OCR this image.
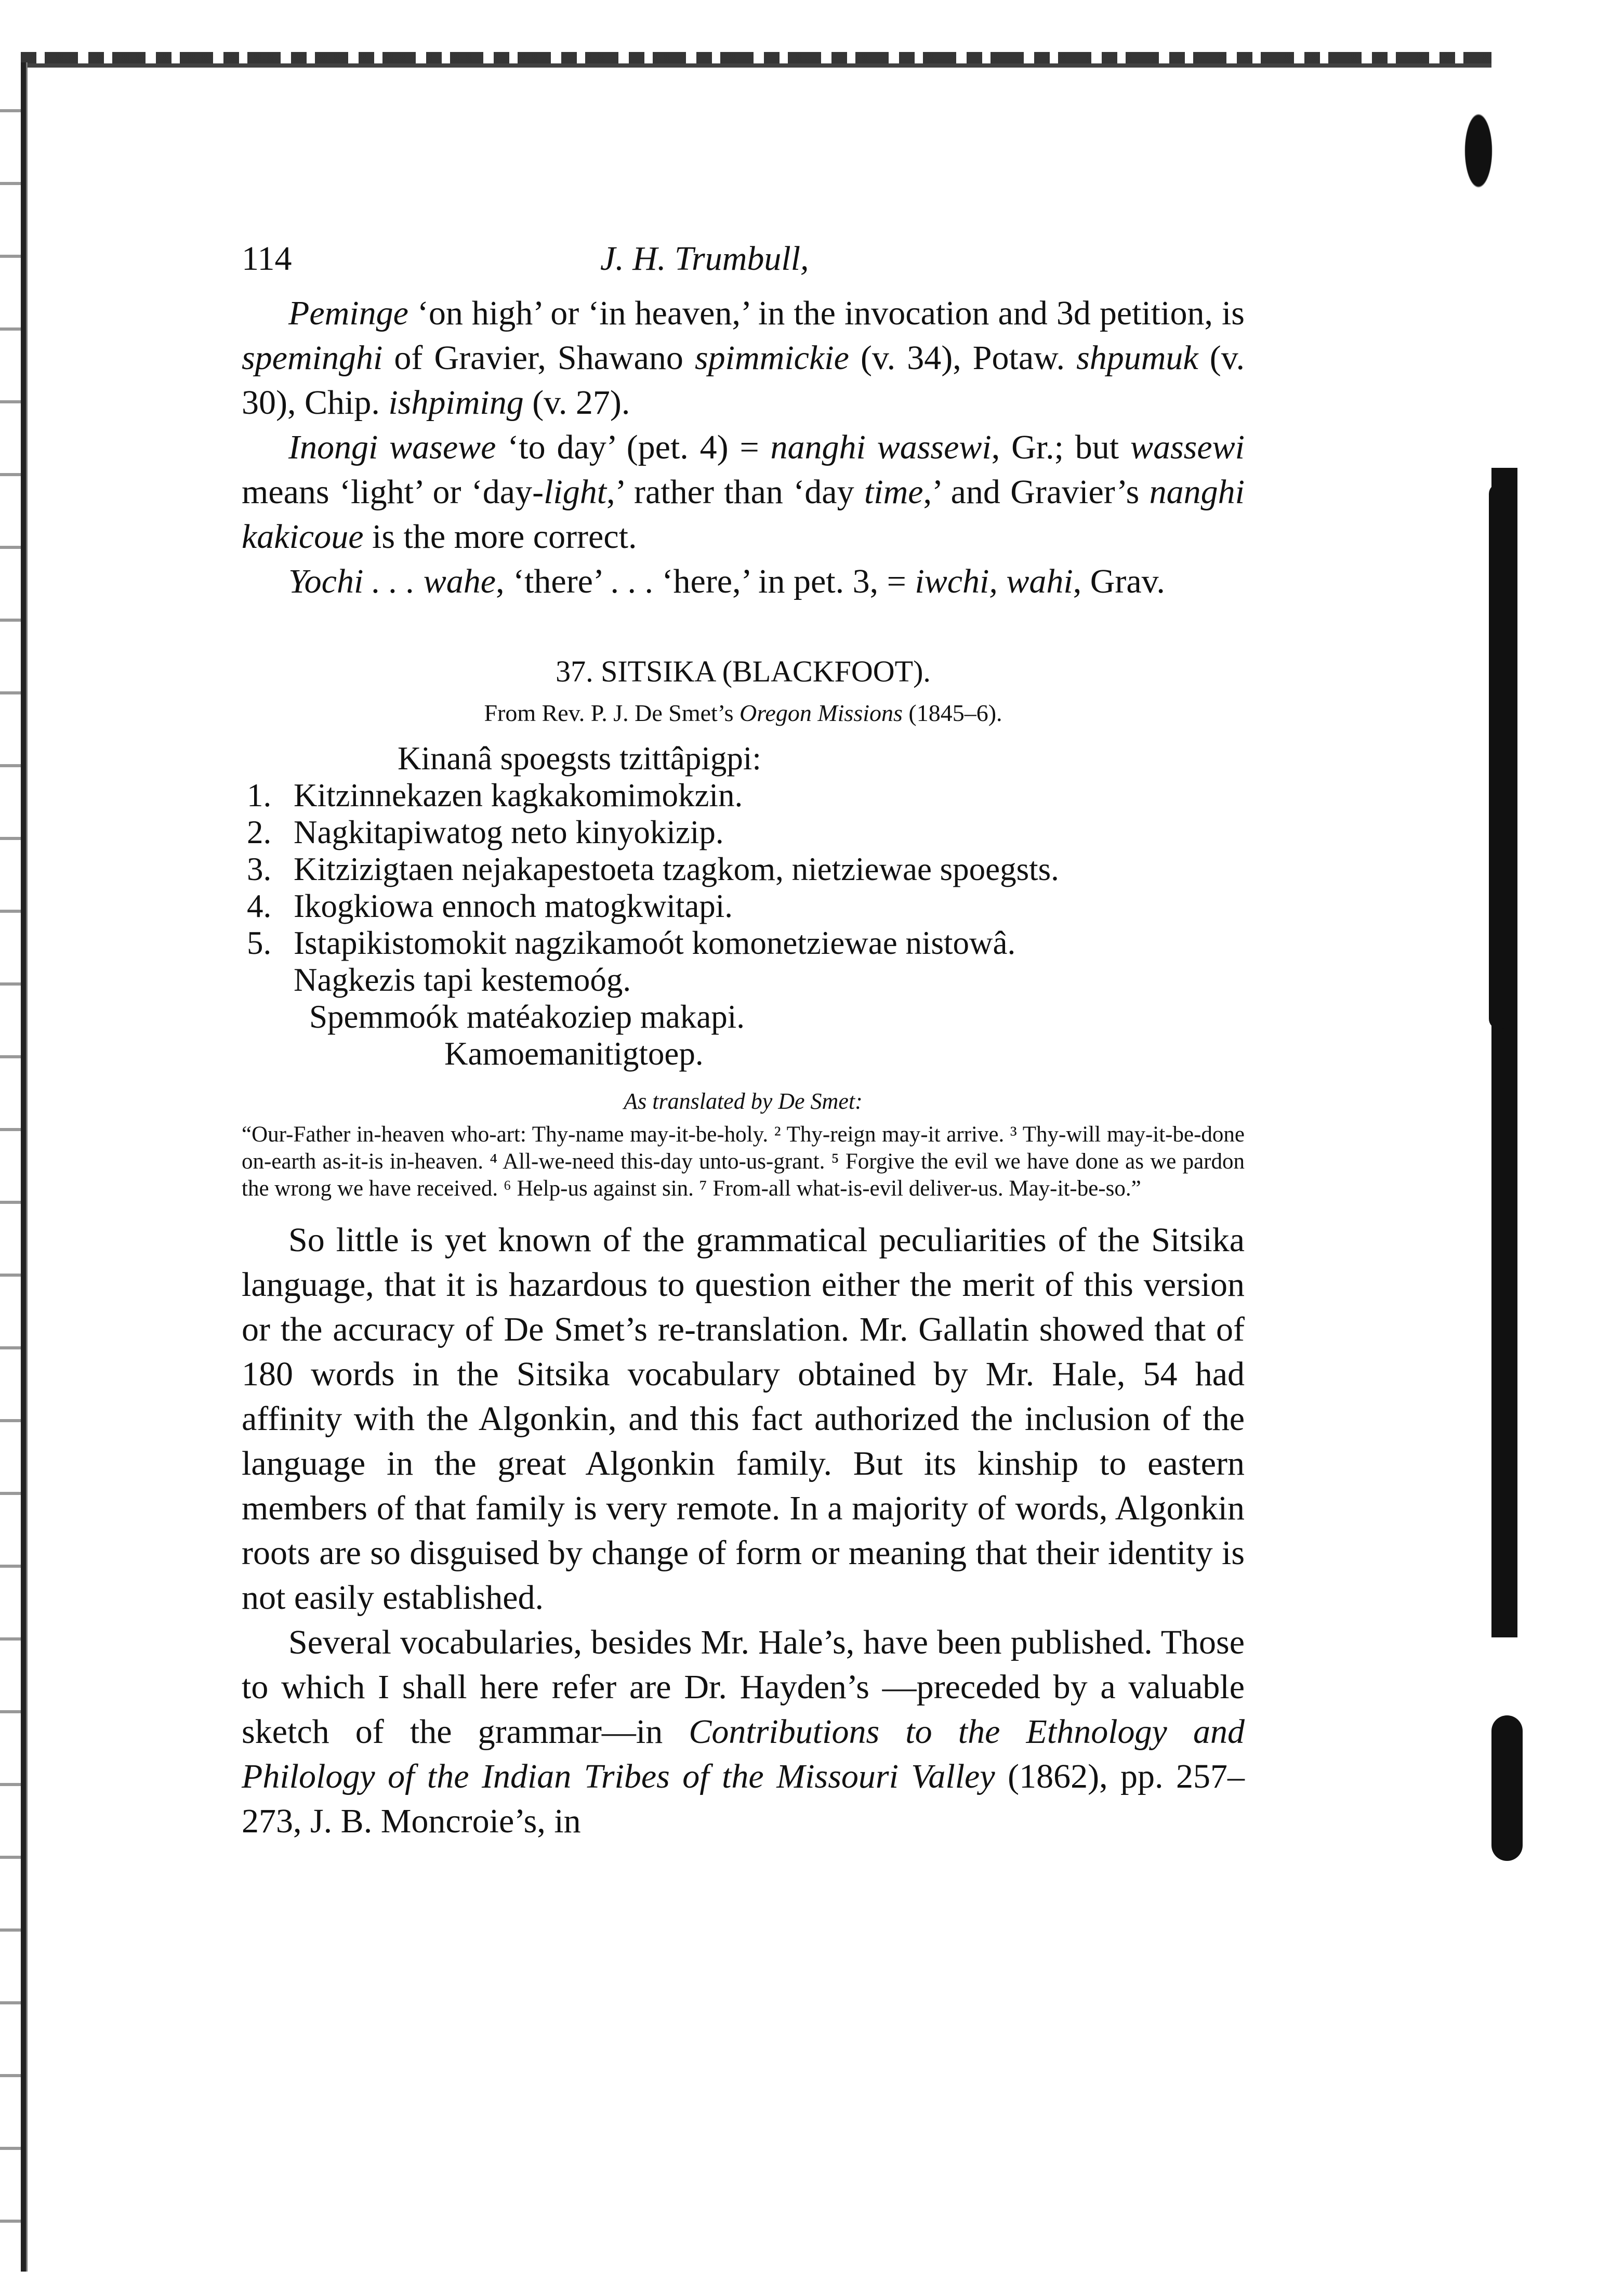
114	J. H. Trumbull,

Peminge ‘on high’ or ‘in heaven,’ in the invocation and 3d petition, is speminghi of Gravier, Shawano spimmickie (v. 34), Potaw. shpumuk (v. 30), Chip. ishpiming (v. 27).

Inongi wasewe ‘to day’ (pet. 4) = nanghi wassewi, Gr.; but wassewi means ‘light’ or ‘day-light,’ rather than ‘day time,’ and Gravier’s nanghi kakicoue is the more correct.

Yochi . . . wahe, ‘there’ . . . ‘here,’ in pet. 3, = iwchi, wahi, Grav.

37. SITSIKA (BLACKFOOT).
From Rev. P. J. De Smet’s Oregon Missions (1845–6).
Kinanâ spoegsts tzittâpigpi:
1. Kitzinnekazen kagkakomimokzin.
2. Nagkitapiwatog neto kinyokizip.
3. Kitzizigtaen nejakapestoeta tzagkom, nietziewae spoegsts.
4. Ikogkiowa ennoch matogkwitapi.
5. Istapikistomokit nagzikamoót komonetziewae nistowâ.
Nagkezis tapi kestemoóg.
Spemmoók matéakoziep makapi.
Kamoemanitigtoep.
As translated by De Smet:
“Our-Father in-heaven who-art: Thy-name may-it-be-holy. ² Thy-reign may-it arrive. ³ Thy-will may-it-be-done on-earth as-it-is in-heaven. ⁴ All-we-need this-day unto-us-grant. ⁵ Forgive the evil we have done as we pardon the wrong we have received. ⁶ Help-us against sin. ⁷ From-all what-is-evil deliver-us. May-it-be-so.”

So little is yet known of the grammatical peculiarities of the Sitsika language, that it is hazardous to question either the merit of this version or the accuracy of De Smet’s re-translation. Mr. Gallatin showed that of 180 words in the Sitsika vocabulary obtained by Mr. Hale, 54 had affinity with the Algonkin, and this fact authorized the inclusion of the language in the great Algonkin family. But its kinship to eastern members of that family is very remote. In a majority of words, Algonkin roots are so disguised by change of form or meaning that their identity is not easily established.

Several vocabularies, besides Mr. Hale’s, have been published. Those to which I shall here refer are Dr. Hayden’s —preceded by a valuable sketch of the grammar—in Contributions to the Ethnology and Philology of the Indian Tribes of the Missouri Valley (1862), pp. 257–273, J. B. Moncroie’s, in
